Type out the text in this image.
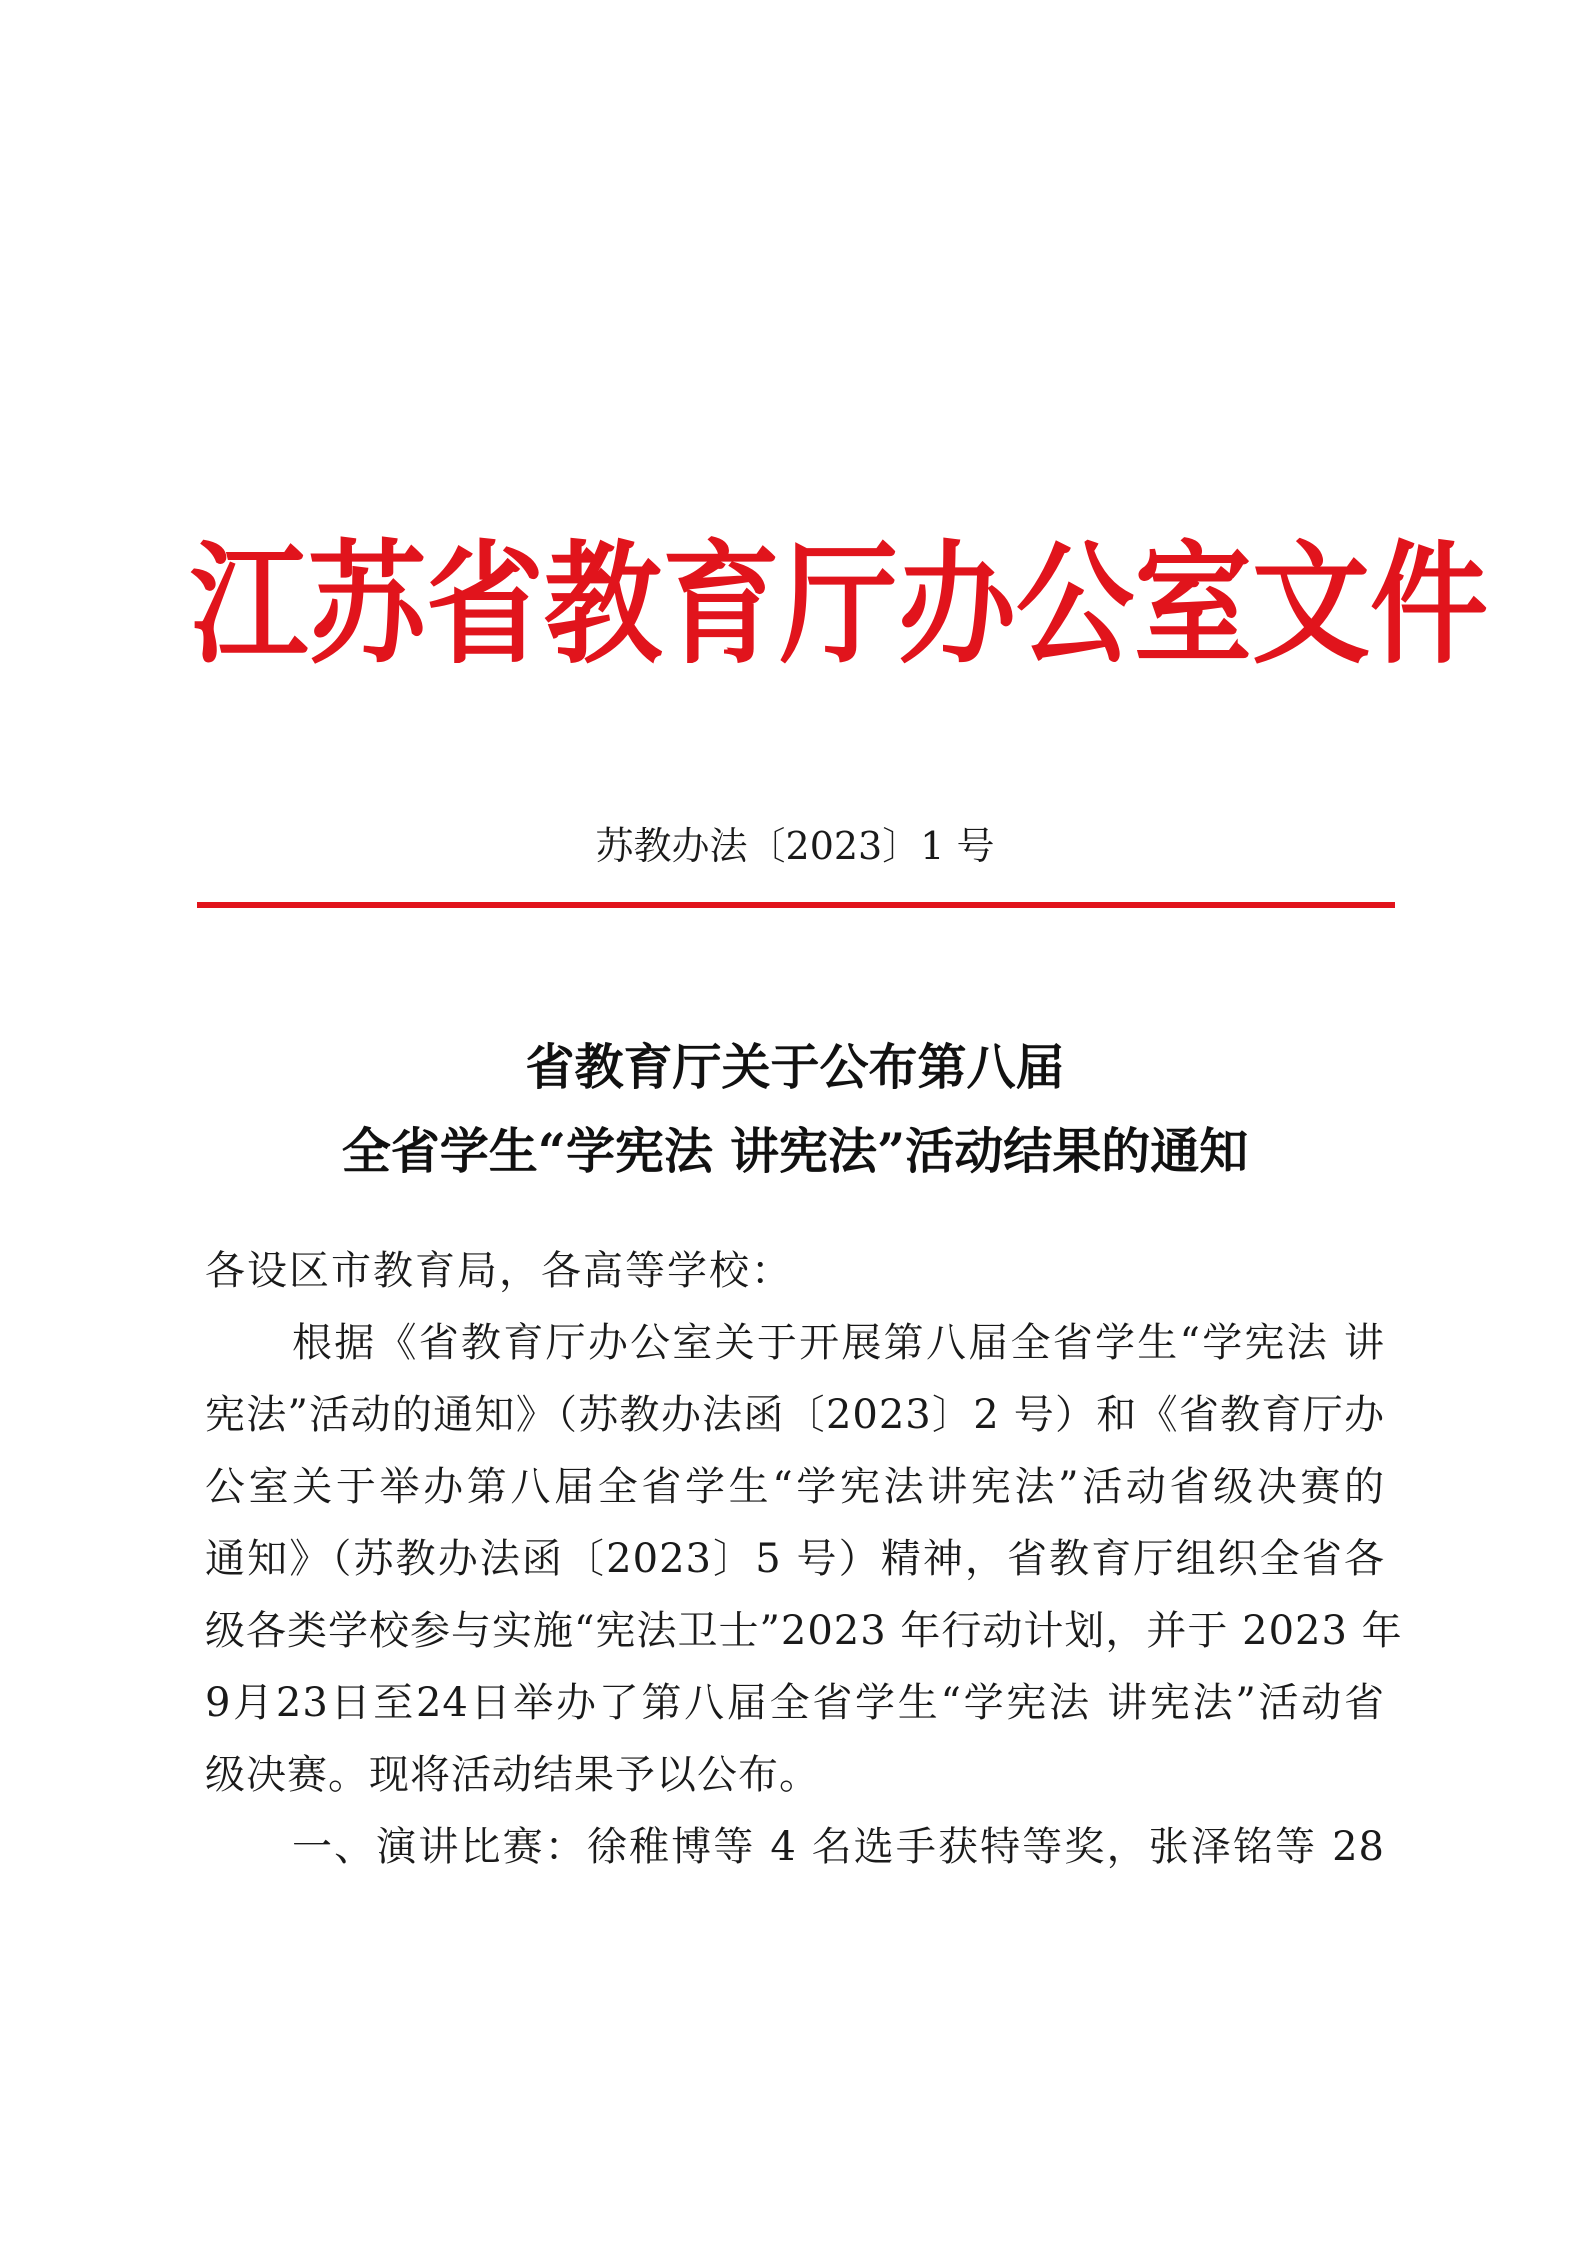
江苏省教育厅办公室文件
苏教办法〔2023〕1 号
省教育厅关于公布第八届
全省学生“学宪法 讲宪法”活动结果的通知

各设区市教育局，各高等学校：

根据《省教育厅办公室关于开展第八届全省学生“学宪法 讲
宪法”活动的通知》（苏教办法函〔2023〕2 号）和《省教育厅办
公室关于举办第八届全省学生“学宪法讲宪法”活动省级决赛的
通知》（苏教办法函〔2023〕5 号）精神，省教育厅组织全省各
级各类学校参与实施“宪法卫士”2023 年行动计划，并于 2023 年
9月23日至24日举办了第八届全省学生“学宪法 讲宪法”活动省
级决赛。现将活动结果予以公布。

一、演讲比赛：徐稚博等 4 名选手获特等奖，张泽铭等 28
